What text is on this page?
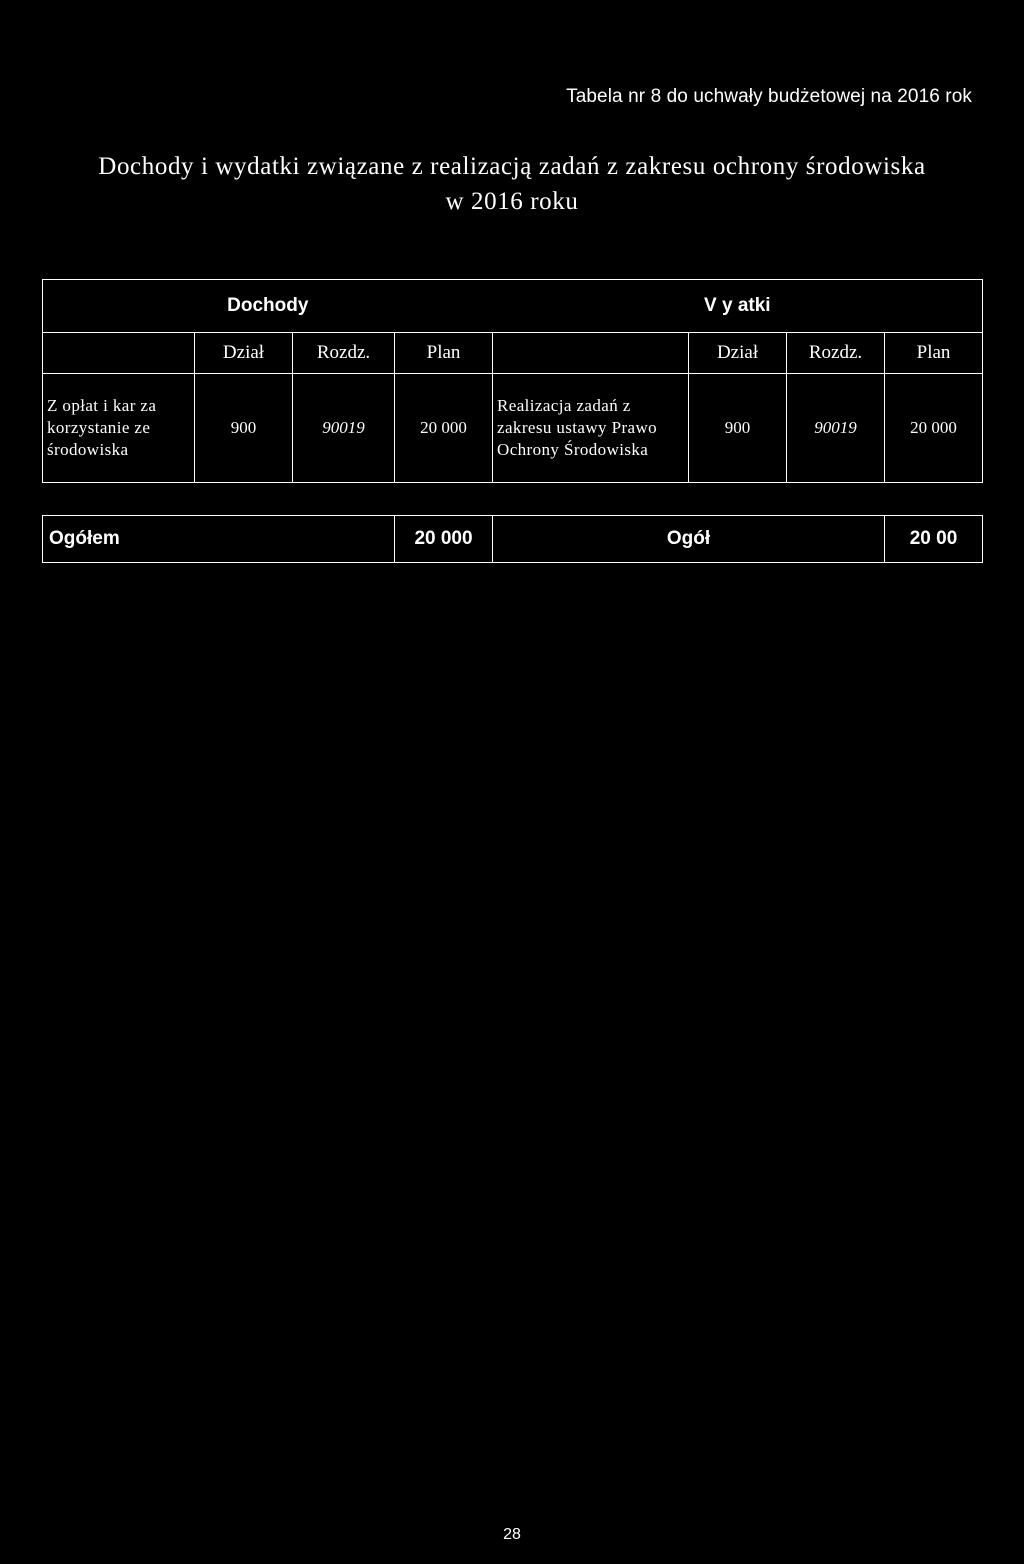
Tabela nr 8 do uchwały budżetowej na 2016 rok
Dochody i wydatki związane z realizacją zadań z zakresu ochrony środowiska
w 2016 roku
Dochody				V y atki			
	Dział	Rozdz.	Plan		Dział	Rozdz.	Plan
Z opłat i kar za korzystanie ze środowiska	900	90019	20 000	Realizacja zadań z zakresu ustawy Prawo Ochrony Środowiska	900	90019	20 000
Ogółem	20 000	Ogół	20 00
28
